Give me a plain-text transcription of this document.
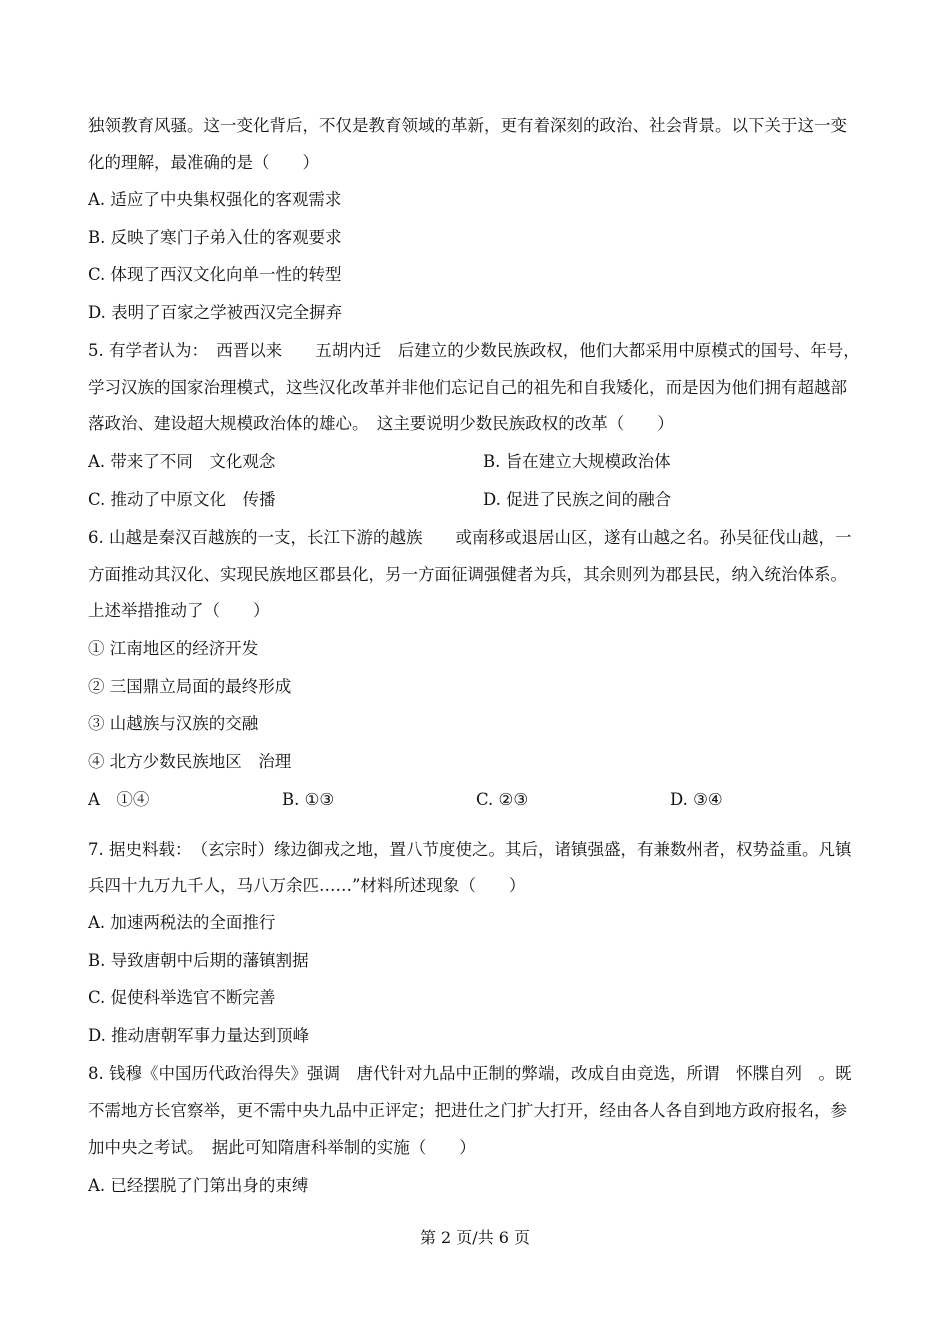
独领教育风骚。这一变化背后，不仅是教育领域的革新，更有着深刻的政治、社会背景。以下关于这一变
化的理解，最准确的是（　　）
A. 适应了中央集权强化的客观需求
B. 反映了寒门子弟入仕的客观要求
C. 体现了西汉文化向单一性的转型
D. 表明了百家之学被西汉完全摒弃
5. 有学者认为：　西晋以来　　五胡内迁　后建立的少数民族政权，他们大都采用中原模式的国号、年号，
学习汉族的国家治理模式，这些汉化改革并非他们忘记自己的祖先和自我矮化，而是因为他们拥有超越部
落政治、建设超大规模政治体的雄心。　这主要说明少数民族政权的改革（　　）
A. 带来了不同　文化观念	B. 旨在建立大规模政治体
C. 推动了中原文化　传播	D. 促进了民族之间的融合
6. 山越是秦汉百越族的一支，长江下游的越族　　或南移或退居山区，遂有山越之名。孙吴征伐山越，一
方面推动其汉化、实现民族地区郡县化，另一方面征调强健者为兵，其余则列为郡县民，纳入统治体系。
上述举措推动了（　　）
① 江南地区的经济开发
② 三国鼎立局面的最终形成
③ 山越族与汉族的交融
④ 北方少数民族地区　治理
A　①④	B. ①③	C. ②③	D. ③④
7. 据史料载：　（玄宗时）缘边御戎之地，置八节度使之。其后，诸镇强盛，有兼数州者，权势益重。凡镇
兵四十九万九千人，马八万余匹……”材料所述现象（　　）
A. 加速两税法的全面推行
B. 导致唐朝中后期的藩镇割据
C. 促使科举选官不断完善
D. 推动唐朝军事力量达到顶峰
8. 钱穆《中国历代政治得失》强调　唐代针对九品中正制的弊端，改成自由竞选，所谓　怀牒自列　。既
不需地方长官察举，更不需中央九品中正评定；把进仕之门扩大打开，经由各人各自到地方政府报名，参
加中央之考试。　据此可知隋唐科举制的实施（　　）
A. 已经摆脱了门第出身的束缚
第 2 页/共 6 页
